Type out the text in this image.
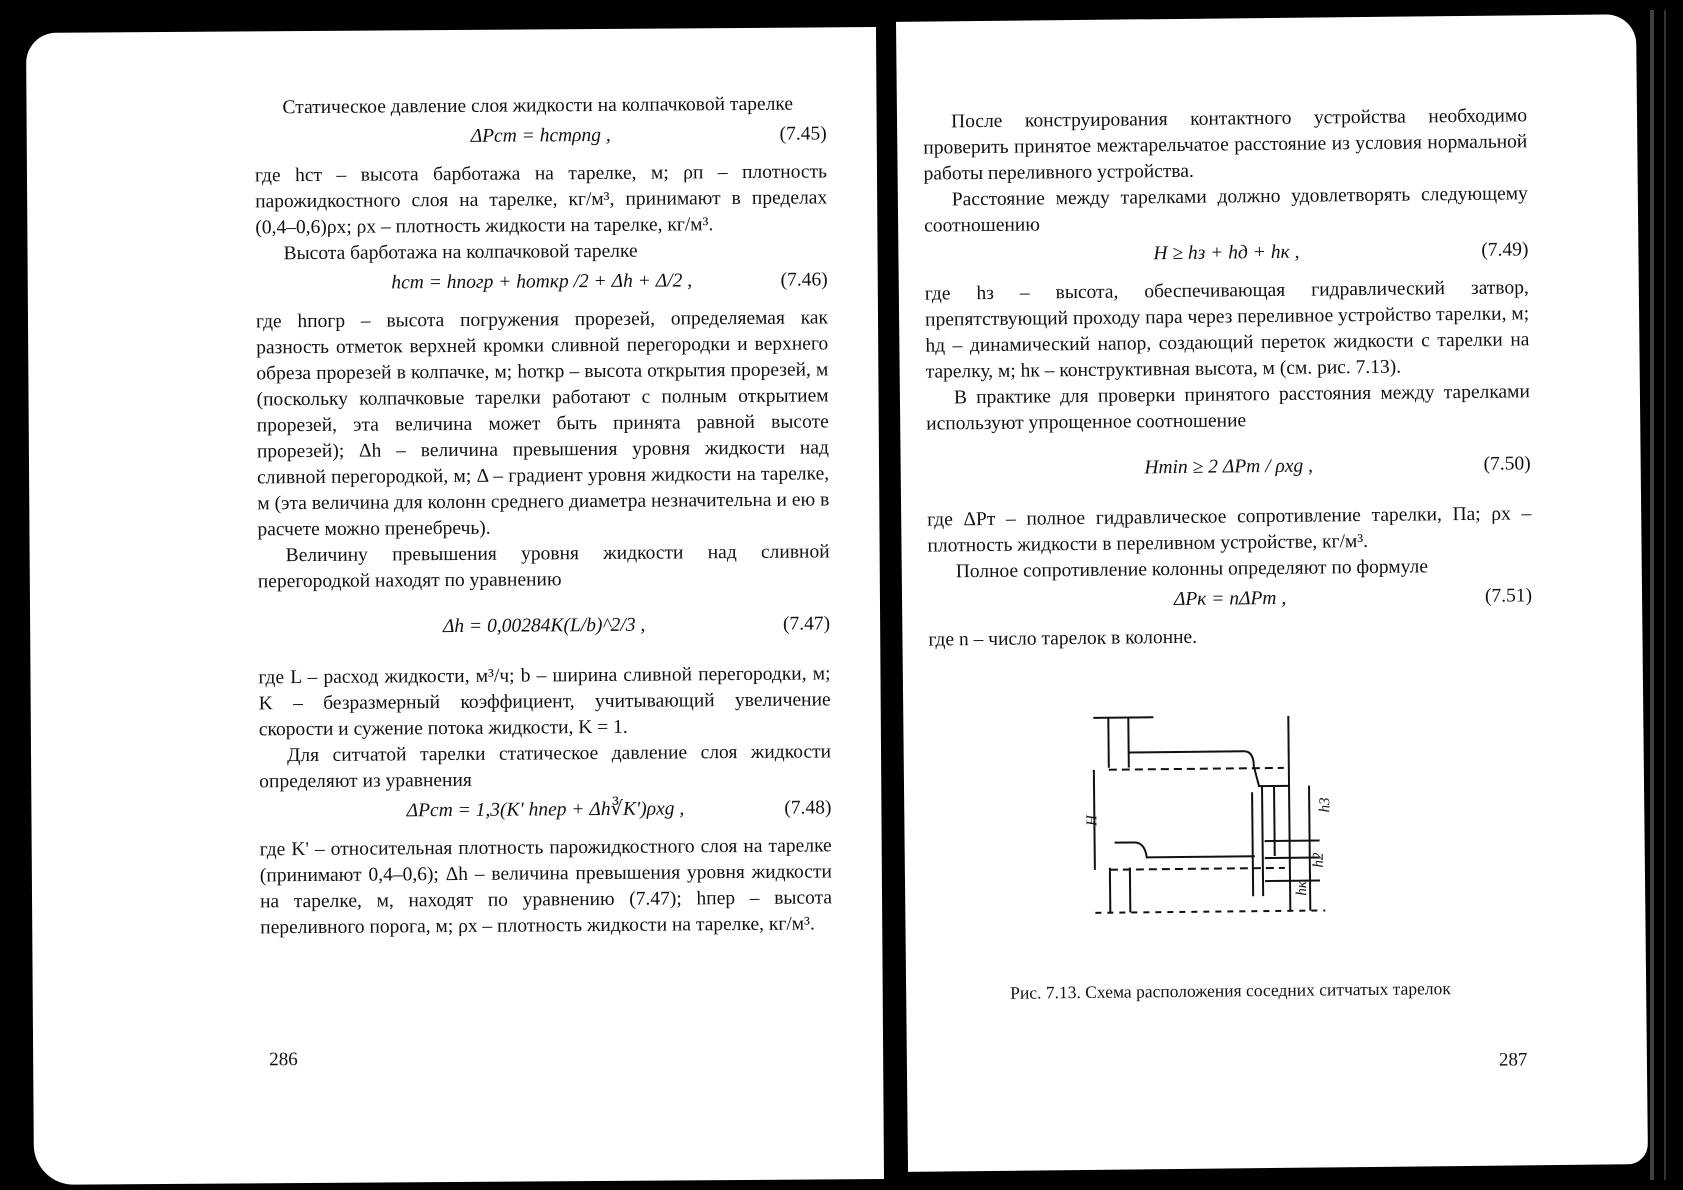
Статическое давление слоя жидкости на колпачковой тарелке

ΔPст = hстρпg ,	(7.45)

где hст – высота барботажа на тарелке, м; ρп – плотность парожидкостного слоя на тарелке, кг/м³, принимают в пределах (0,4–0,6)ρх; ρх – плотность жидкости на тарелке, кг/м³.

Высота барботажа на колпачковой тарелке

hст = hпогр + hоткр /2 + Δh + Δ/2 ,	(7.46)

где hпогр – высота погружения прорезей, определяемая как разность отметок верхней кромки сливной перегородки и верхнего обреза прорезей в колпачке, м; hоткр – высота открытия прорезей, м (поскольку колпачковые тарелки работают с полным открытием прорезей, эта величина может быть принята равной высоте прорезей); Δh – величина превышения уровня жидкости над сливной перегородкой, м; Δ – градиент уровня жидкости на тарелке, м (эта величина для колонн среднего диаметра незначительна и ею в расчете можно пренебречь).

Величину превышения уровня жидкости над сливной перегородкой находят по уравнению

Δh = 0,00284K(L/b)^2/3 ,	(7.47)

где L – расход жидкости, м³/ч; b – ширина сливной перегородки, м; K – безразмерный коэффициент, учитывающий увеличение скорости и сужение потока жидкости, K = 1.

Для ситчатой тарелки статическое давление слоя жидкости определяют из уравнения

ΔPст = 1,3(K' hпер + Δh∛K')ρхg ,	(7.48)

где K' – относительная плотность парожидкостного слоя на тарелке (принимают 0,4–0,6); Δh – величина превышения уровня жидкости на тарелке, м, находят по уравнению (7.47); hпер – высота переливного порога, м; ρх – плотность жидкости на тарелке, кг/м³.

286

После конструирования контактного устройства необходимо проверить принятое межтарельчатое расстояние из условия нормальной работы переливного устройства.

Расстояние между тарелками должно удовлетворять следующему соотношению

H ≥ hз + hд + hк ,	(7.49)

где hз – высота, обеспечивающая гидравлический затвор, препятствующий проходу пара через переливное устройство тарелки, м; hд – динамический напор, создающий переток жидкости с тарелки на тарелку, м; hк – конструктивная высота, м (см. рис. 7.13).

В практике для проверки принятого расстояния между тарелками используют упрощенное соотношение

Hmin ≥ 2 ΔPт / ρхg ,	(7.50)

где ΔPт – полное гидравлическое сопротивление тарелки, Па; ρх – плотность жидкости в переливном устройстве, кг/м³.

Полное сопротивление колонны определяют по формуле

ΔPк = nΔPт ,	(7.51)

где n – число тарелок в колонне.

H
h3
h2
hк
Рис. 7.13. Схема расположения соседних ситчатых тарелок
287
